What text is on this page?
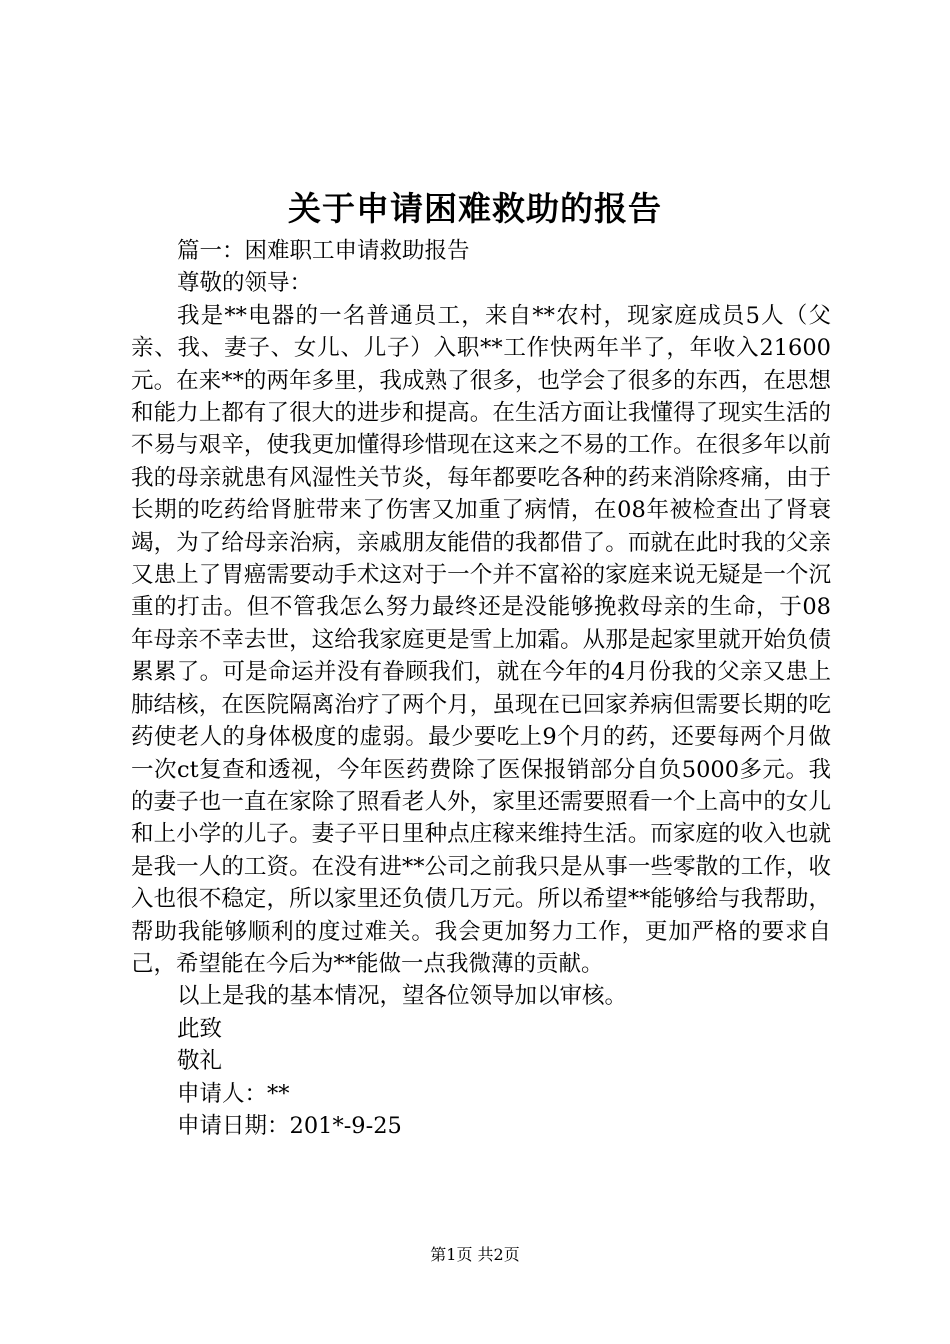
关于申请困难救助的报告

篇一：困难职工申请救助报告

尊敬的领导：

我是**电器的一名普通员工，来自**农村，现家庭成员5人（父亲、我、妻子、女儿、儿子）入职**工作快两年半了，年收入21600元。在来**的两年多里，我成熟了很多，也学会了很多的东西，在思想和能力上都有了很大的进步和提高。在生活方面让我懂得了现实生活的不易与艰辛，使我更加懂得珍惜现在这来之不易的工作。在很多年以前我的母亲就患有风湿性关节炎，每年都要吃各种的药来消除疼痛，由于长期的吃药给肾脏带来了伤害又加重了病情，在08年被检查出了肾衰竭，为了给母亲治病，亲戚朋友能借的我都借了。而就在此时我的父亲又患上了胃癌需要动手术这对于一个并不富裕的家庭来说无疑是一个沉重的打击。但不管我怎么努力最终还是没能够挽救母亲的生命，于08年母亲不幸去世，这给我家庭更是雪上加霜。从那是起家里就开始负债累累了。可是命运并没有眷顾我们，就在今年的4月份我的父亲又患上肺结核，在医院隔离治疗了两个月，虽现在已回家养病但需要长期的吃药使老人的身体极度的虚弱。最少要吃上9个月的药，还要每两个月做一次ct复查和透视，今年医药费除了医保报销部分自负5000多元。我的妻子也一直在家除了照看老人外，家里还需要照看一个上高中的女儿和上小学的儿子。妻子平日里种点庄稼来维持生活。而家庭的收入也就是我一人的工资。在没有进**公司之前我只是从事一些零散的工作，收入也很不稳定，所以家里还负债几万元。所以希望**能够给与我帮助，帮助我能够顺利的度过难关。我会更加努力工作，更加严格的要求自己，希望能在今后为**能做一点我微薄的贡献。

以上是我的基本情况，望各位领导加以审核。

此致

敬礼

申请人：**

申请日期：201*-9-25

第1页 共2页
